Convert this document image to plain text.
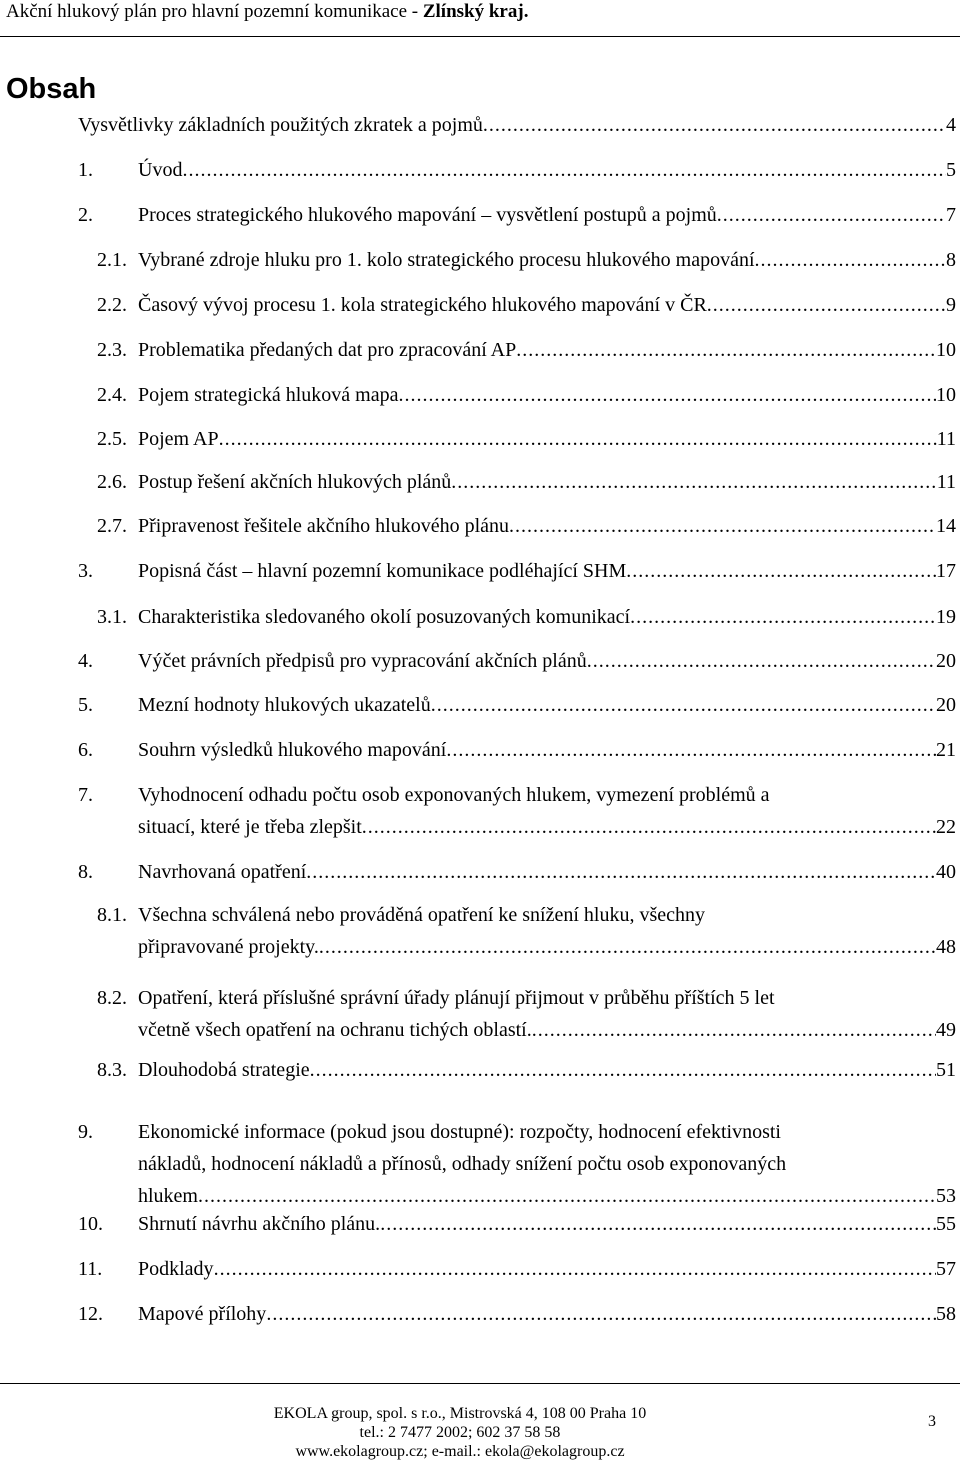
Akční hlukový plán pro hlavní pozemní komunikace - Zlínský kraj.
Obsah
Vysvětlivky základních použitých zkratek a pojmů .....	4
1. Úvod .....	5
2. Proces strategického hlukového mapování – vysvětlení postupů a pojmů .....	7
2.1. Vybrané zdroje hluku pro 1. kolo strategického procesu hlukového mapování .....	8
2.2. Časový vývoj procesu 1. kola strategického hlukového mapování v ČR .....	9
2.3. Problematika předaných dat pro zpracování AP .....	10
2.4. Pojem strategická hluková mapa .....	10
2.5. Pojem AP .....	11
2.6. Postup řešení akčních hlukových plánů .....	11
2.7. Připravenost řešitele akčního hlukového plánu .....	14
3. Popisná část – hlavní pozemní komunikace podléhající SHM .....	17
3.1. Charakteristika sledovaného okolí posuzovaných komunikací .....	19
4. Výčet právních předpisů pro vypracování akčních plánů .....	20
5. Mezní hodnoty hlukových ukazatelů .....	20
6. Souhrn výsledků hlukového mapování .....	21
7. Vyhodnocení odhadu počtu osob exponovaných hlukem, vymezení problémů a
situací, které je třeba zlepšit .....	22
8. Navrhovaná opatření .....	40
8.1. Všechna schválená nebo prováděná opatření ke snížení hluku, všechny
připravované projekty. .....	48
8.2. Opatření, která příslušné správní úřady plánují přijmout v průběhu příštích 5 let
včetně všech opatření na ochranu tichých oblastí. .....	49
8.3. Dlouhodobá strategie .....	51
9. Ekonomické informace (pokud jsou dostupné): rozpočty, hodnocení efektivnosti
nákladů, hodnocení nákladů a přínosů, odhady snížení počtu osob exponovaných
hlukem .....	53
10. Shrnutí návrhu akčního plánu. .....	55
11. Podklady .....	57
12. Mapové přílohy .....	58
EKOLA group, spol. s r.o., Mistrovská 4, 108 00 Praha 10
tel.: 2 7477 2002; 602 37 58 58
www.ekolagroup.cz; e-mail.: ekola@ekolagroup.cz
3
